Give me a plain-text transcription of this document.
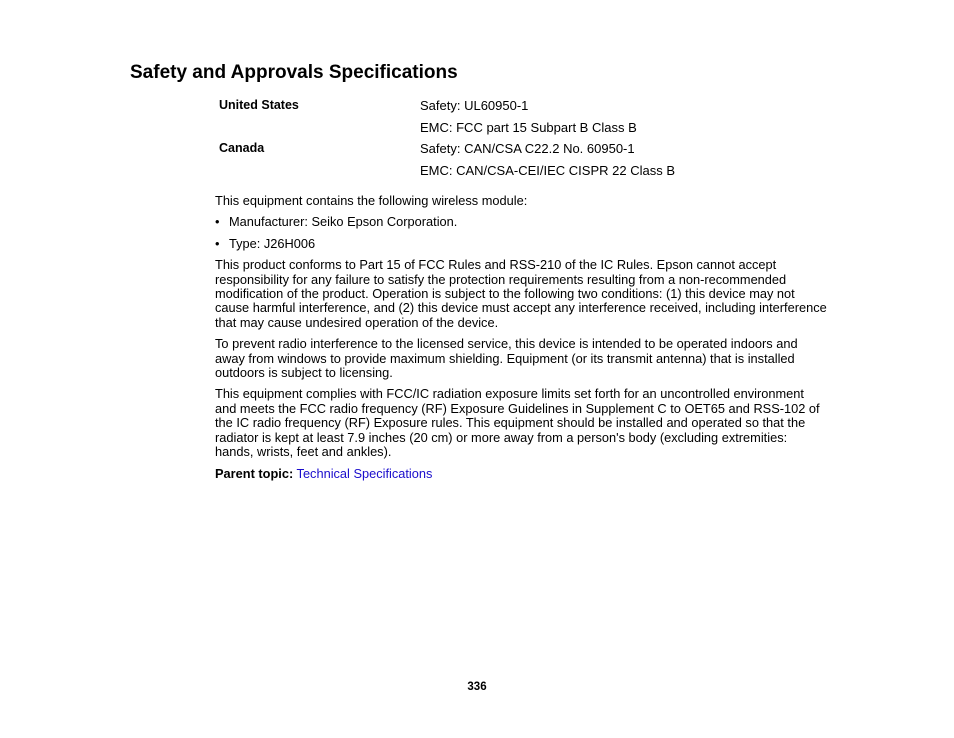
Safety and Approvals Specifications
United States	Safety: UL60950-1
EMC: FCC part 15 Subpart B Class B
Canada	Safety: CAN/CSA C22.2 No. 60950-1
EMC: CAN/CSA-CEI/IEC CISPR 22 Class B

This equipment contains the following wireless module:

• Manufacturer: Seiko Epson Corporation.
• Type: J26H006

This product conforms to Part 15 of FCC Rules and RSS-210 of the IC Rules. Epson cannot accept responsibility for any failure to satisfy the protection requirements resulting from a non-recommended modification of the product. Operation is subject to the following two conditions: (1) this device may not cause harmful interference, and (2) this device must accept any interference received, including interference that may cause undesired operation of the device.

To prevent radio interference to the licensed service, this device is intended to be operated indoors and away from windows to provide maximum shielding. Equipment (or its transmit antenna) that is installed outdoors is subject to licensing.

This equipment complies with FCC/IC radiation exposure limits set forth for an uncontrolled environment and meets the FCC radio frequency (RF) Exposure Guidelines in Supplement C to OET65 and RSS-102 of the IC radio frequency (RF) Exposure rules. This equipment should be installed and operated so that the radiator is kept at least 7.9 inches (20 cm) or more away from a person's body (excluding extremities: hands, wrists, feet and ankles).

Parent topic: Technical Specifications

336
